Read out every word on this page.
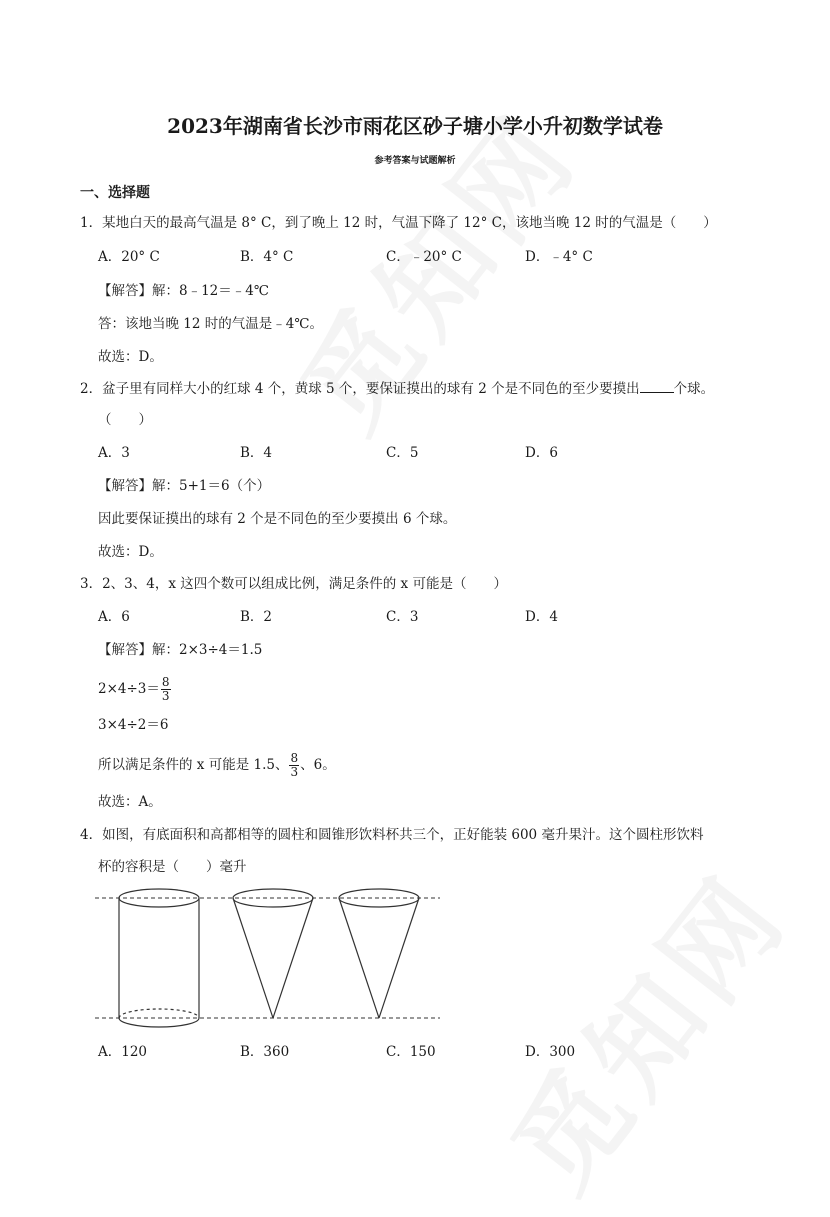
2023年湖南省长沙市雨花区砂子塘小学小升初数学试卷
参考答案与试题解析
一、选择题
1．某地白天的最高气温是 8° C，到了晚上 12 时，气温下降了 12° C，该地当晚 12 时的气温是（　　）
A．20° C	B．4° C	C．﹣20° C	D．﹣4° C
【解答】解：8﹣12＝﹣4℃
答：该地当晚 12 时的气温是﹣4℃。
故选：D。
2．盆子里有同样大小的红球 4 个，黄球 5 个，要保证摸出的球有 2 个是不同色的至少要摸出	个球。
（　　）
A．3	B．4	C．5	D．6
【解答】解：5+1＝6（个）
因此要保证摸出的球有 2 个是不同色的至少要摸出 6 个球。
故选：D。
3．2、3、4，x 这四个数可以组成比例，满足条件的 x 可能是（　　）
A．6	B．2	C．3	D．4
【解答】解：2×3÷4＝1.5
$2\times 4\div 3= \frac{8}{3}$
3×4÷2＝6
所以满足条件的 x 可能是 1.5、 $\frac{8}{3}$ 、6。
故选：A。
4．如图，有底面积和高都相等的圆柱和圆锥形饮料杯共三个，正好能装 600 毫升果汁。这个圆柱形饮料
杯的容积是（　　）毫升
A．120	B．360	C．150	D．300
